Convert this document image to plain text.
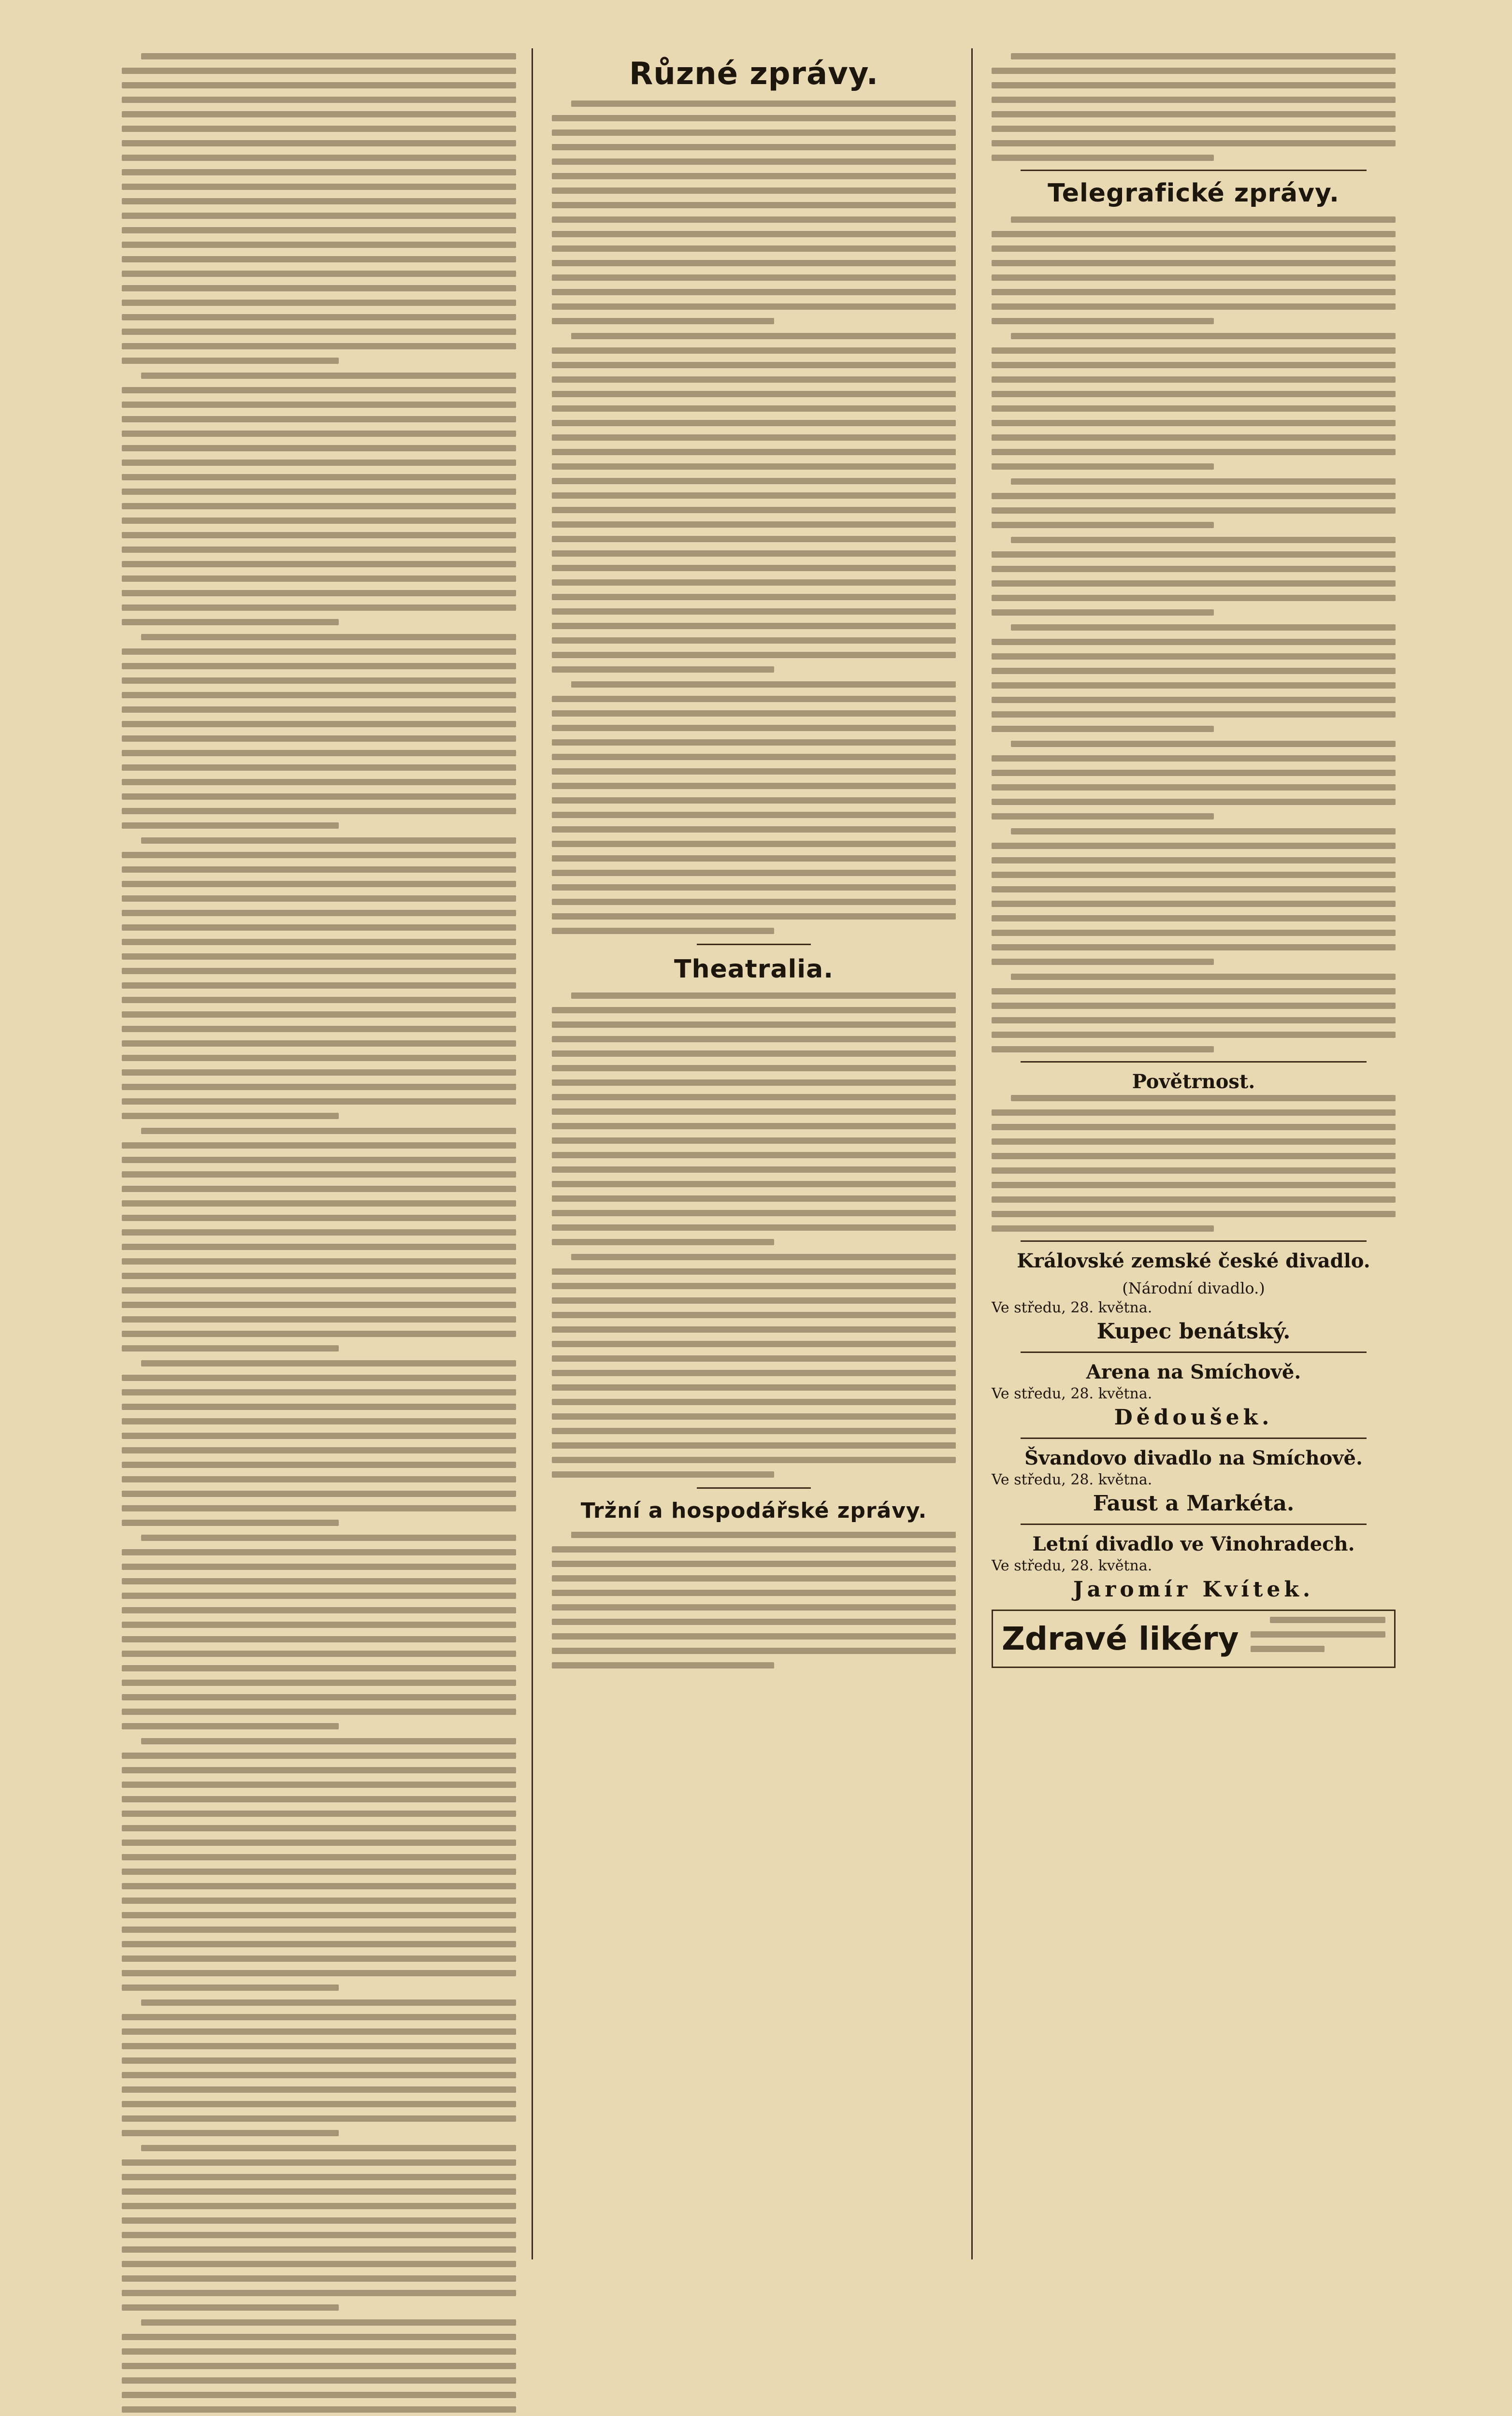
Různé zprávy.
Theatralia.
Tržní a hospodářské zprávy.
Telegrafické zprávy.
Povětrnost.
Královské zemské české divadlo.
(Národní divadlo.)
Ve středu, 28. května.
Kupec benátský.
Arena na Smíchově.
Ve středu, 28. května.
Dědoušek.
Švandovo divadlo na Smíchově.
Ve středu, 28. května.
Faust a Markéta.
Letní divadlo ve Vinohradech.
Ve středu, 28. května.
Jaromír Kvítek.
Zdravé likéry
